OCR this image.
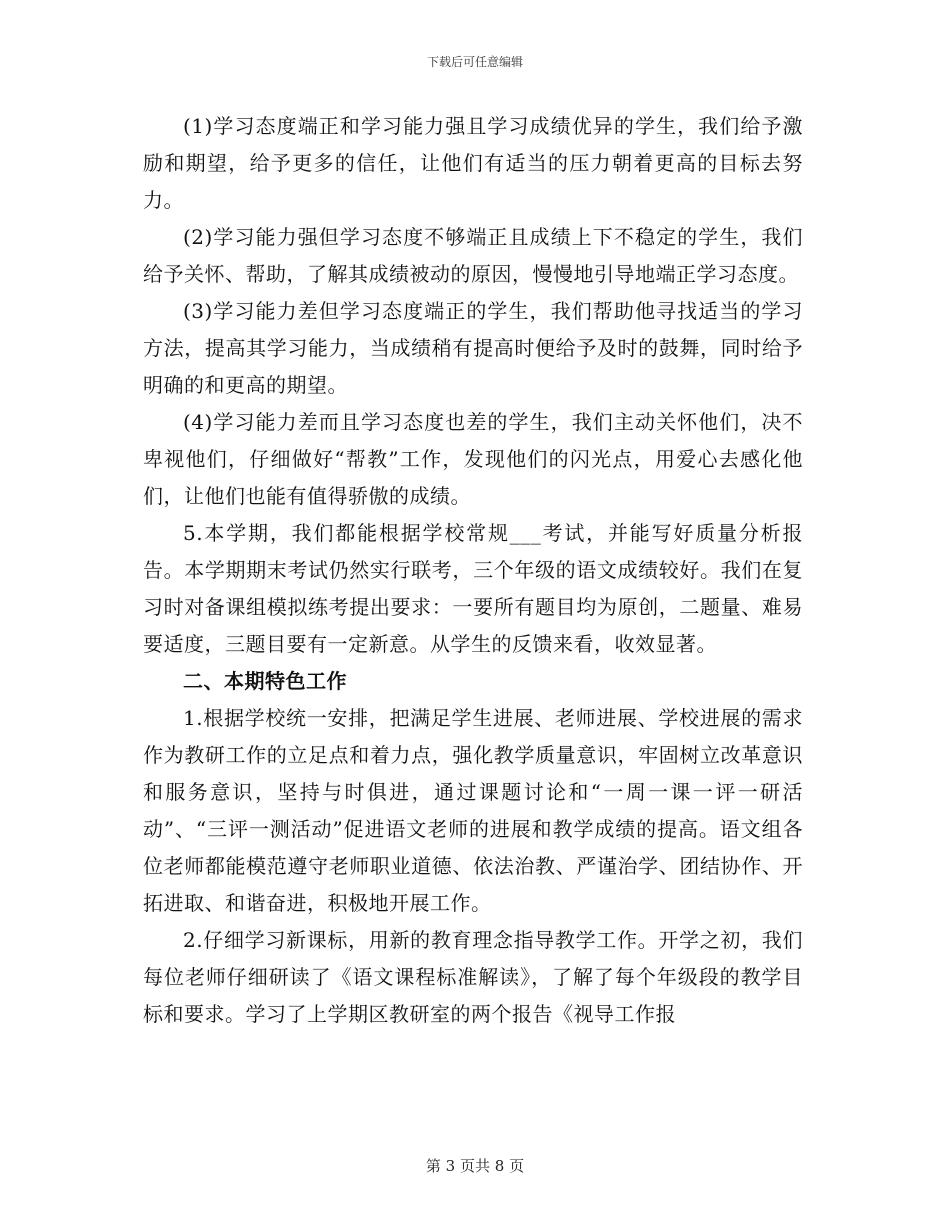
下载后可任意编辑

(1)学习态度端正和学习能力强且学习成绩优异的学生，我们给予激励和期望，给予更多的信任，让他们有适当的压力朝着更高的目标去努力。

(2)学习能力强但学习态度不够端正且成绩上下不稳定的学生，我们给予关怀、帮助，了解其成绩被动的原因，慢慢地引导地端正学习态度。

(3)学习能力差但学习态度端正的学生，我们帮助他寻找适当的学习方法，提高其学习能力，当成绩稍有提高时便给予及时的鼓舞，同时给予明确的和更高的期望。

(4)学习能力差而且学习态度也差的学生，我们主动关怀他们，决不卑视他们，仔细做好“帮教”工作，发现他们的闪光点，用爱心去感化他们，让他们也能有值得骄傲的成绩。

5.本学期，我们都能根据学校常规___考试，并能写好质量分析报告。本学期期末考试仍然实行联考，三个年级的语文成绩较好。我们在复习时对备课组模拟练考提出要求：一要所有题目均为原创，二题量、难易要适度，三题目要有一定新意。从学生的反馈来看，收效显著。

二、本期特色工作

1.根据学校统一安排，把满足学生进展、老师进展、学校进展的需求作为教研工作的立足点和着力点，强化教学质量意识，牢固树立改革意识和服务意识，坚持与时俱进，通过课题讨论和“一周一课一评一研活动”、“三评一测活动”促进语文老师的进展和教学成绩的提高。语文组各位老师都能模范遵守老师职业道德、依法治教、严谨治学、团结协作、开拓进取、和谐奋进，积极地开展工作。

2.仔细学习新课标，用新的教育理念指导教学工作。开学之初，我们每位老师仔细研读了《语文课程标准解读》，了解了每个年级段的教学目标和要求。学习了上学期区教研室的两个报告《视导工作报

第 3 页共 8 页
